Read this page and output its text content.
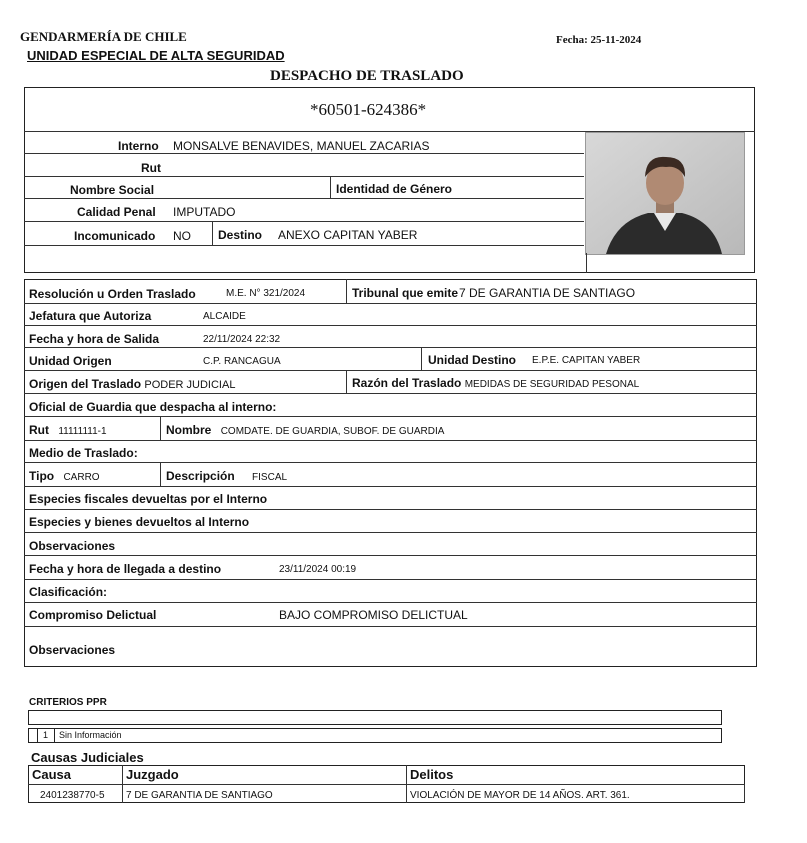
GENDARMERÍA DE CHILE
UNIDAD ESPECIAL DE ALTA SEGURIDAD
Fecha: 25-11-2024
DESPACHO DE TRASLADO
*60501-624386*
Interno MONSALVE BENAVIDES, MANUEL ZACARIAS
Rut
Nombre Social	Identidad de Género
Calidad Penal IMPUTADO
Incomunicado NO Destino ANEXO CAPITAN YABER
Resolución u Orden Traslado	M.E. N° 321/2024	Tribunal que emite 7 DE GARANTIA DE SANTIAGO
Jefatura que Autoriza	ALCAIDE
Fecha y hora de Salida	22/11/2024 22:32
Unidad Origen	C.P. RANCAGUA	Unidad Destino E.P.E. CAPITAN YABER
Origen del Traslado PODER JUDICIAL	Razón del Traslado MEDIDAS DE SEGURIDAD PESONAL
Oficial de Guardia que despacha al interno:
Rut 11111111-1	Nombre COMDATE. DE GUARDIA, SUBOF. DE GUARDIA
Medio de Traslado:
Tipo CARRO	Descripción FISCAL
Especies fiscales devueltas por el Interno
Especies y bienes devueltos al Interno
Observaciones
Fecha y hora de llegada a destino	23/11/2024 00:19
Clasificación:
Compromiso Delictual	BAJO COMPROMISO DELICTUAL
Observaciones
CRITERIOS PPR
1 Sin Información
Causas Judiciales
Causa	Juzgado	Delitos
2401238770-5 7 DE GARANTIA DE SANTIAGO	VIOLACIÓN DE MAYOR DE 14 AÑOS. ART. 361.
